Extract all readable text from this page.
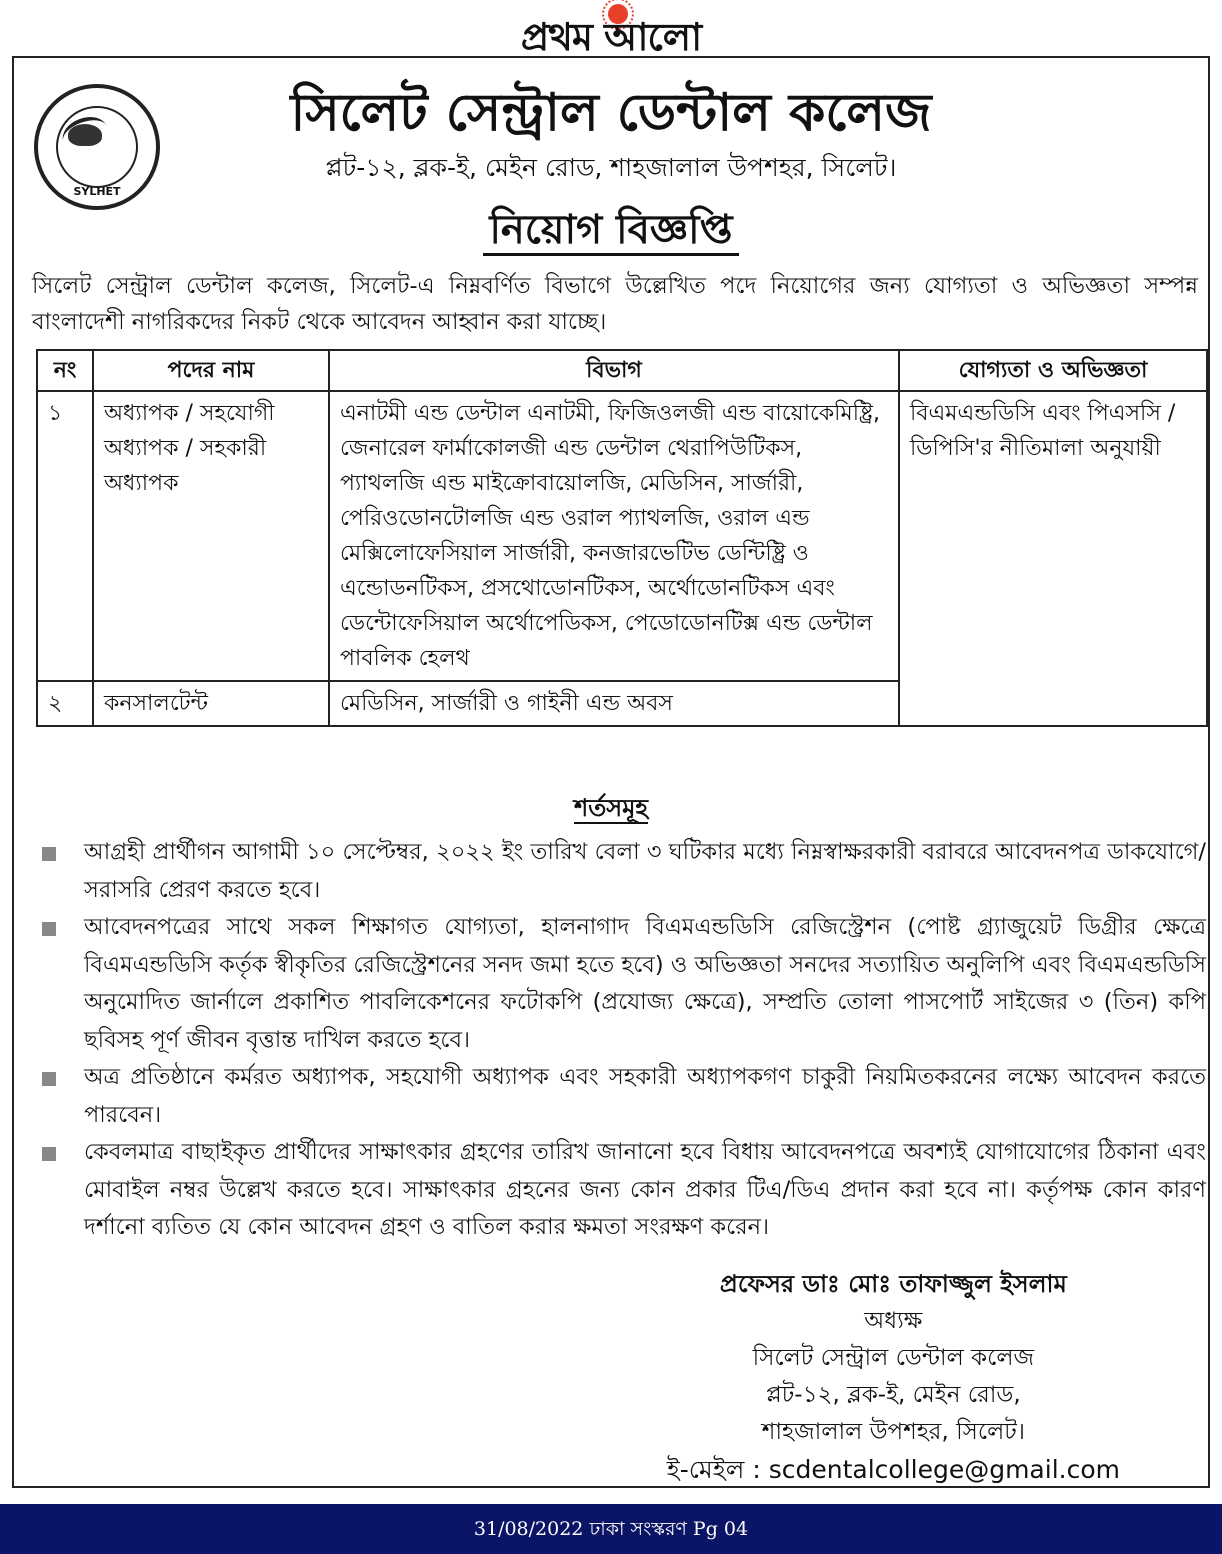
প্রথম আলো
SYLHET
সিলেট সেন্ট্রাল ডেন্টাল কলেজ
প্লট-১২, ব্লক-ই, মেইন রোড, শাহজালাল উপশহর, সিলেট।
নিয়োগ বিজ্ঞপ্তি
সিলেট সেন্ট্রাল ডেন্টাল কলেজ, সিলেট-এ নিম্নবর্ণিত বিভাগে উল্লেখিত পদে নিয়োগের জন্য যোগ্যতা ও অভিজ্ঞতা সম্পন্ন বাংলাদেশী নাগরিকদের নিকট থেকে আবেদন আহ্বান করা যাচ্ছে।
নং	পদের নাম	বিভাগ	যোগ্যতা ও অভিজ্ঞতা
১	অধ্যাপক / সহযোগী অধ্যাপক / সহকারী অধ্যাপক	এনাটমী এন্ড ডেন্টাল এনাটমী, ফিজিওলজী এন্ড বায়োকেমিষ্ট্রি, জেনারেল ফার্মাকোলজী এন্ড ডেন্টাল থেরাপিউটিকস, প্যাথলজি এন্ড মাইক্রোবায়োলজি, মেডিসিন, সার্জারী, পেরিওডোনটোলজি এন্ড ওরাল প্যাথলজি, ওরাল এন্ড মেক্সিলোফেসিয়াল সার্জারী, কনজারভেটিভ ডেন্টিষ্ট্রি ও এন্ডোডনটিকস, প্রসথোডোনটিকস, অর্থোডোনটিকস এবং ডেন্টোফেসিয়াল অর্থোপেডিকস, পেডোডোনটিক্স এন্ড ডেন্টাল পাবলিক হেলথ	বিএমএন্ডডিসি এবং পিএসসি / ডিপিসি'র নীতিমালা অনুযায়ী
২	কনসালটেন্ট	মেডিসিন, সার্জারী ও গাইনী এন্ড অবস	
শর্তসমূহ
আগ্রহী প্রার্থীগন আগামী ১০ সেপ্টেম্বর, ২০২২ ইং তারিখ বেলা ৩ ঘটিকার মধ্যে নিম্নস্বাক্ষরকারী বরাবরে আবেদনপত্র ডাকযোগে/সরাসরি প্রেরণ করতে হবে।
আবেদনপত্রের সাথে সকল শিক্ষাগত যোগ্যতা, হালনাগাদ বিএমএন্ডডিসি রেজিস্ট্রেশন (পোষ্ট গ্র্যাজুয়েট ডিগ্রীর ক্ষেত্রে বিএমএন্ডডিসি কর্তৃক স্বীকৃতির রেজিস্ট্রেশনের সনদ জমা হতে হবে) ও অভিজ্ঞতা সনদের সত্যায়িত অনুলিপি এবং বিএমএন্ডডিসি অনুমোদিত জার্নালে প্রকাশিত পাবলিকেশনের ফটোকপি (প্রযোজ্য ক্ষেত্রে), সম্প্রতি তোলা পাসপোর্ট সাইজের ৩ (তিন) কপি ছবিসহ পূর্ণ জীবন বৃত্তান্ত দাখিল করতে হবে।
অত্র প্রতিষ্ঠানে কর্মরত অধ্যাপক, সহযোগী অধ্যাপক এবং সহকারী অধ্যাপকগণ চাকুরী নিয়মিতকরনের লক্ষ্যে আবেদন করতে পারবেন।
কেবলমাত্র বাছাইকৃত প্রার্থীদের সাক্ষাৎকার গ্রহণের তারিখ জানানো হবে বিধায় আবেদনপত্রে অবশ্যই যোগাযোগের ঠিকানা এবং মোবাইল নম্বর উল্লেখ করতে হবে। সাক্ষাৎকার গ্রহনের জন্য কোন প্রকার টিএ/ডিএ প্রদান করা হবে না। কর্তৃপক্ষ কোন কারণ দর্শানো ব্যতিত যে কোন আবেদন গ্রহণ ও বাতিল করার ক্ষমতা সংরক্ষণ করেন।
প্রফেসর ডাঃ মোঃ তাফাজ্জুল ইসলাম
অধ্যক্ষ
সিলেট সেন্ট্রাল ডেন্টাল কলেজ
প্লট-১২, ব্লক-ই, মেইন রোড,
শাহজালাল উপশহর, সিলেট।
ই-মেইল : scdentalcollege@gmail.com
31/08/2022 ঢাকা সংস্করণ Pg 04
